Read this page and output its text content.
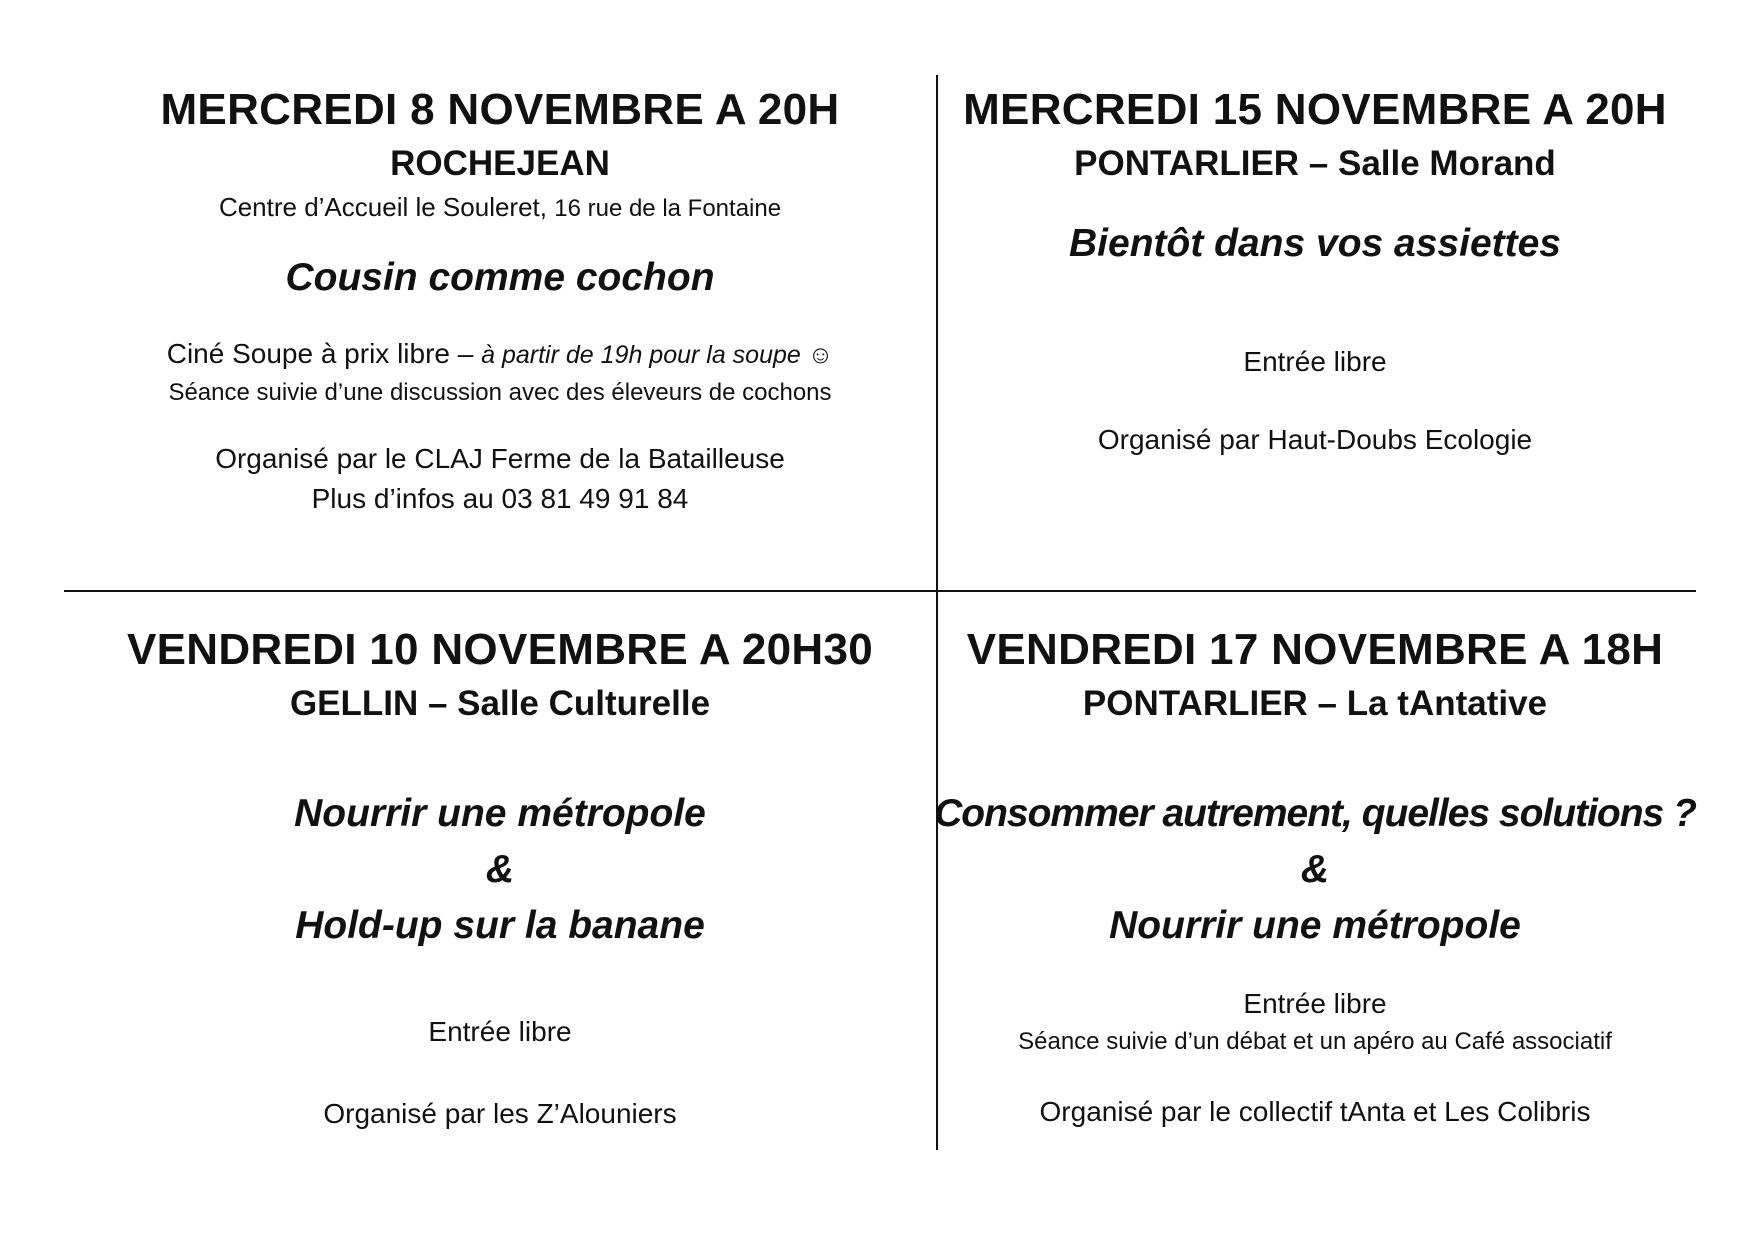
MERCREDI 8 NOVEMBRE A 20H

ROCHEJEAN

Centre d’Accueil le Souleret, 16 rue de la Fontaine

Cousin comme cochon

Ciné Soupe à prix libre – à partir de 19h pour la soupe ☺

Séance suivie d’une discussion avec des éleveurs de cochons

Organisé par le CLAJ Ferme de la Batailleuse

Plus d’infos au 03 81 49 91 84

MERCREDI 15 NOVEMBRE A 20H

PONTARLIER – Salle Morand

Bientôt dans vos assiettes

Entrée libre

Organisé par Haut-Doubs Ecologie

VENDREDI 10 NOVEMBRE A 20H30

GELLIN – Salle Culturelle

Nourrir une métropole

&

Hold-up sur la banane

Entrée libre

Organisé par les Z’Alouniers

VENDREDI 17 NOVEMBRE A 18H

PONTARLIER – La tAntative

Consommer autrement, quelles solutions ?

&

Nourrir une métropole

Entrée libre

Séance suivie d’un débat et un apéro au Café associatif

Organisé par le collectif tAnta et Les Colibris
